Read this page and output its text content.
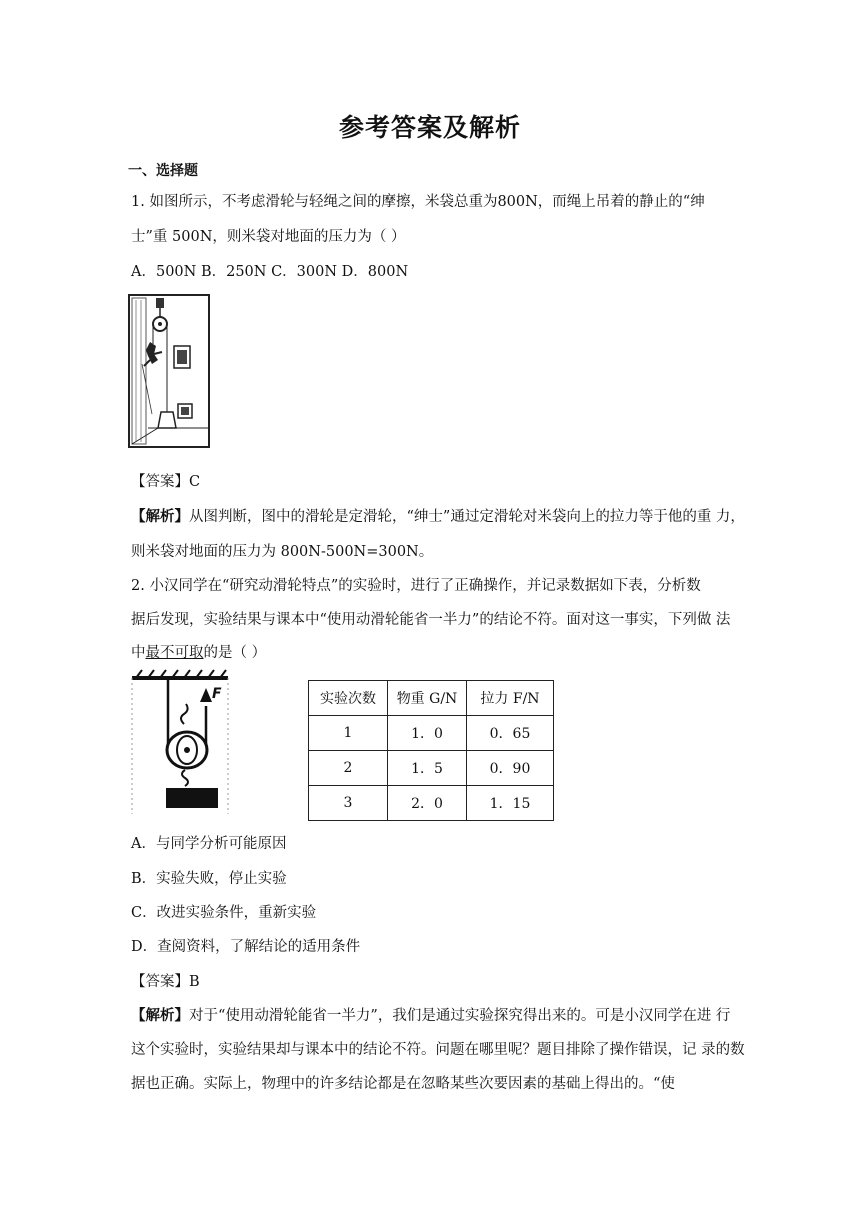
参考答案及解析
一、选择题
1. 如图所示，不考虑滑轮与轻绳之间的摩擦，米袋总重为800N，而绳上吊着的静止的“绅
士”重 500N，则米袋对地面的压力为（ ）
A．500N B．250N C．300N D．800N
【答案】C
【解析】从图判断，图中的滑轮是定滑轮，“绅士”通过定滑轮对米袋向上的拉力等于他的重 力，
则米袋对地面的压力为 800N-500N=300N。
2. 小汉同学在“研究动滑轮特点”的实验时，进行了正确操作，并记录数据如下表，分析数
据后发现，实验结果与课本中“使用动滑轮能省一半力”的结论不符。面对这一事实，下列做 法
中最不可取的是（ ）
F	实验次数	物重 G/N	拉力 F/N
1	1．0	0．65
2	1．5	0．90
3	2．0	1．15
A．与同学分析可能原因
B．实验失败，停止实验
C．改进实验条件，重新实验
D．查阅资料，了解结论的适用条件
【答案】B
【解析】对于“使用动滑轮能省一半力”，我们是通过实验探究得出来的。可是小汉同学在进 行
这个实验时，实验结果却与课本中的结论不符。问题在哪里呢？题目排除了操作错误，记 录的数
据也正确。实际上，物理中的许多结论都是在忽略某些次要因素的基础上得出的。“使
